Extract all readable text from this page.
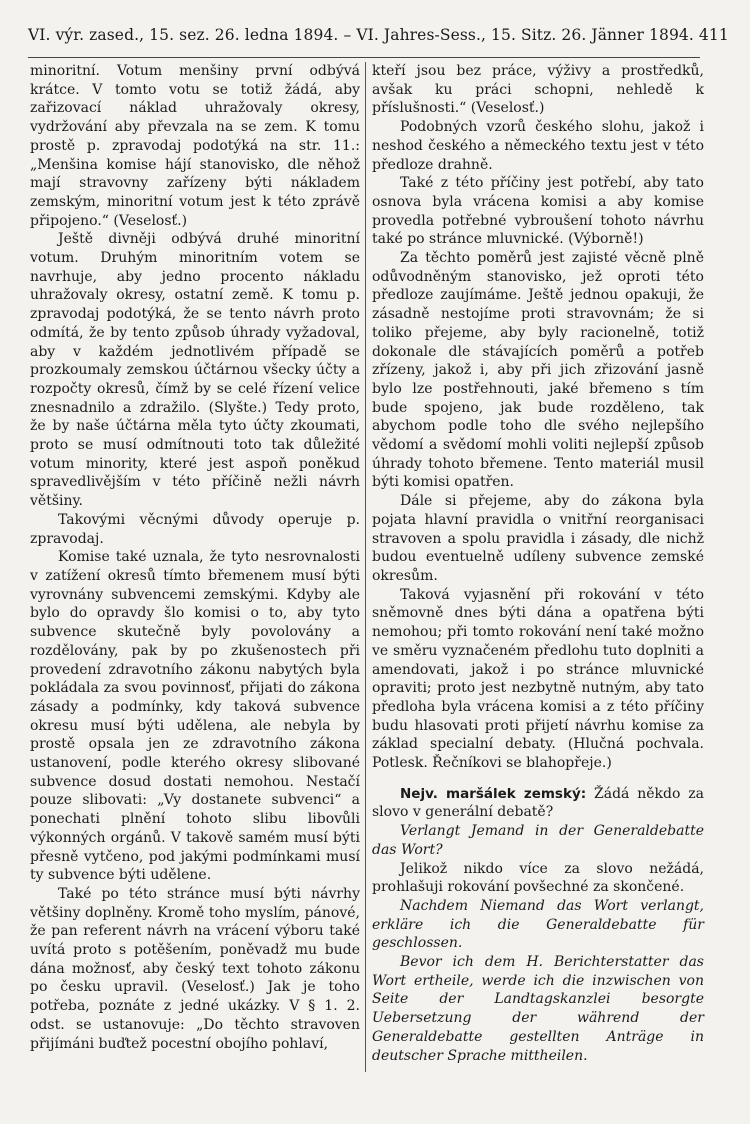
VI. výr. zased., 15. sez. 26. ledna 1894. – VI. Jahres-Sess., 15. Sitz. 26. Jänner 1894. 411

minoritní. Votum menšiny první odbývá krátce. V tomto votu se totiž žádá, aby zařizovací náklad uhražovaly okresy, vydržování aby převzala na se zem. K tomu prostě p. zpravodaj podotýká na str. 11.: „Menšina komise hájí stanovisko, dle něhož mají stravovny zařízeny býti nákladem zemským, minoritní votum jest k této zprávě připojeno.“ (Veselosť.)

Ještě divněji odbývá druhé minoritní votum. Druhým minoritním votem se navrhuje, aby jedno procento nákladu uhražovaly okresy, ostatní země. K tomu p. zpravodaj podotýká, že se tento návrh proto odmítá, že by tento způsob úhrady vyžadoval, aby v každém jednotlivém případě se prozkoumaly zemskou účtárnou všecky účty a rozpočty okresů, čímž by se celé řízení velice znesnadnilo a zdražilo. (Slyšte.) Tedy proto, že by naše účtárna měla tyto účty zkoumati, proto se musí odmítnouti toto tak důležité votum minority, které jest aspoň poněkud spravedlivějším v této příčině nežli návrh většiny.

Takovými věcnými důvody operuje p. zpravodaj.

Komise také uznala, že tyto nesrovnalosti v zatížení okresů tímto břemenem musí býti vyrovnány subvencemi zemskými. Kdyby ale bylo do opravdy šlo komisi o to, aby tyto subvence skutečně byly povolovány a rozdělovány, pak by po zkušenostech při provedení zdravotního zákonu nabytých byla pokládala za svou povinnosť, přijati do zákona zásady a podmínky, kdy taková subvence okresu musí býti udělena, ale nebyla by prostě opsala jen ze zdravotního zákona ustanovení, podle kterého okresy slibované subvence dosud dostati nemohou. Nestačí pouze slibovati: „Vy dostanete subvenci“ a ponechati plnění tohoto slibu libovůli výkonných orgánů. V takově samém musí býti přesně vytčeno, pod jakými podmínkami musí ty subvence býti udělene.

Také po této stránce musí býti návrhy většiny doplněny. Kromě toho myslím, pánové, že pan referent návrh na vrácení výboru také uvítá proto s potěšením, poněvadž mu bude dána možnosť, aby český text tohoto zákonu po česku upravil. (Veselosť.) Jak je toho potřeba, poznáte z jedné ukázky. V § 1. 2. odst. se ustanovuje: „Do těchto stravoven přijímáni buďtež pocestní obojího pohlaví,

kteří jsou bez práce, výživy a prostředků, avšak ku práci schopni, nehledě k příslušnosti.“ (Veselosť.)

Podobných vzorů českého slohu, jakož i neshod českého a německého textu jest v této předloze drahně.

Také z této příčiny jest potřebí, aby tato osnova byla vrácena komisi a aby komise provedla potřebné vybroušení tohoto návrhu také po stránce mluvnické. (Výborně!)

Za těchto poměrů jest zajisté věcně plně odůvodněným stanovisko, jež oproti této předloze zaujímáme. Ještě jednou opakuji, že zásadně nestojíme proti stravovnám; že si toliko přejeme, aby byly racionelně, totiž dokonale dle stávajících poměrů a potřeb zřízeny, jakož i, aby při jich zřizování jasně bylo lze postřehnouti, jaké břemeno s tím bude spojeno, jak bude rozděleno, tak abychom podle toho dle svého nejlepšího vědomí a svědomí mohli voliti nejlepší způsob úhrady tohoto břemene. Tento materiál musil býti komisi opatřen.

Dále si přejeme, aby do zákona byla pojata hlavní pravidla o vnitřní reorganisaci stravoven a spolu pravidla i zásady, dle nichž budou eventuelně udíleny subvence zemské okresům.

Taková vyjasnění při rokování v této sněmovně dnes býti dána a opatřena býti nemohou; při tomto rokování není také možno ve směru vyznačeném předlohu tuto doplniti a amendovati, jakož i po stránce mluvnické opraviti; proto jest nezbytně nutným, aby tato předloha byla vrácena komisi a z této příčiny budu hlasovati proti přijetí návrhu komise za základ specialní debaty. (Hlučná pochvala. Potlesk. Řečníkovi se blahopřeje.)

Nejv. maršálek zemský: Žádá někdo za slovo v generální debatě?

Verlangt Jemand in der Generaldebatte das Wort?

Jelikož nikdo více za slovo nežádá, prohlašuji rokování povšechné za skončené.

Nachdem Niemand das Wort verlangt, erkläre ich die Generaldebatte für geschlossen.

Bevor ich dem H. Berichterstatter das Wort ertheile, werde ich die inzwischen von Seite der Landtagskanzlei besorgte Uebersetzung der während der Generaldebatte gestellten Anträge in deutscher Sprache mittheilen.
